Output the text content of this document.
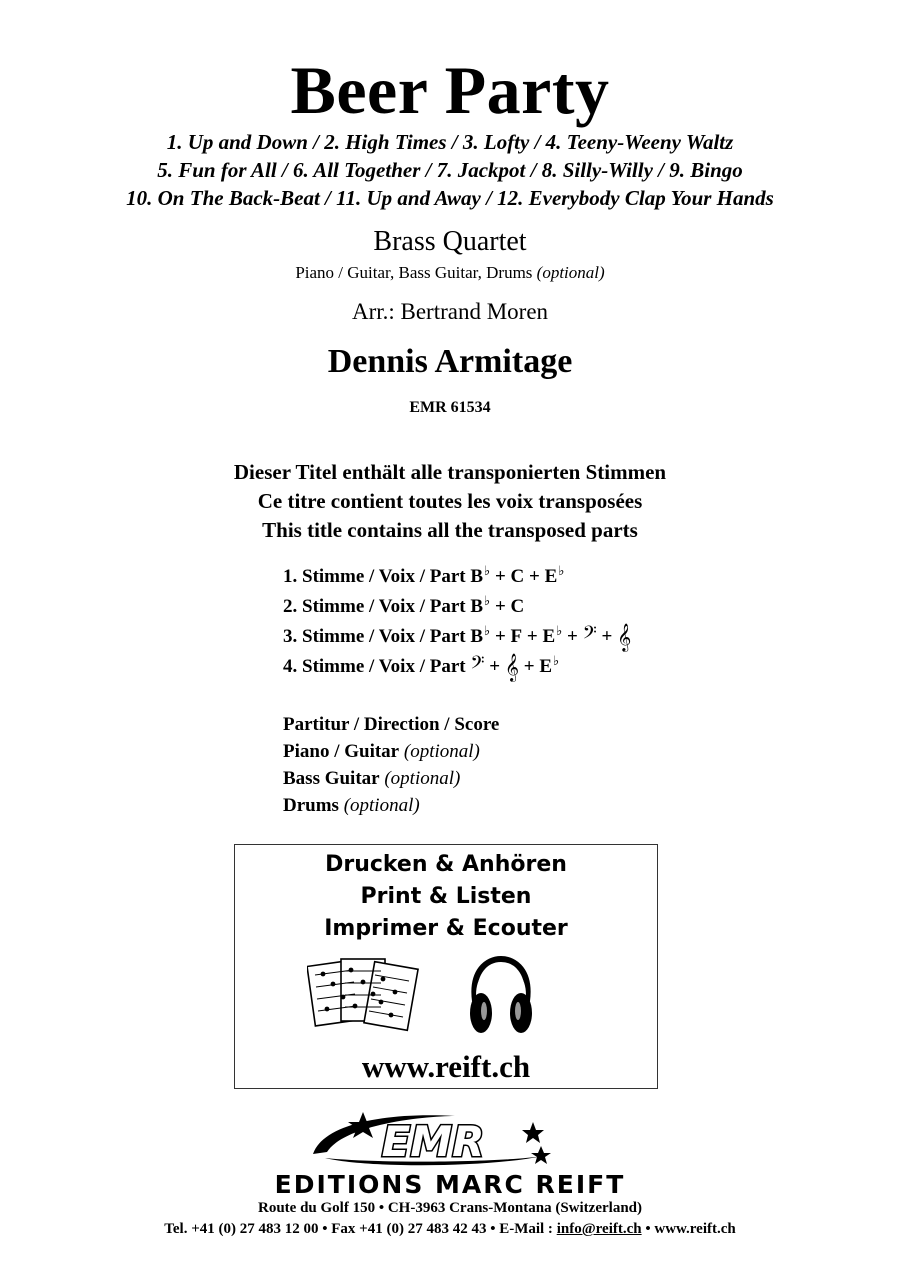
Beer Party
1. Up and Down / 2. High Times / 3. Lofty / 4. Teeny-Weeny Waltz
5. Fun for All / 6. All Together / 7. Jackpot / 8. Silly-Willy / 9. Bingo
10. On The Back-Beat / 11. Up and Away / 12. Everybody Clap Your Hands
Brass Quartet
Piano / Guitar, Bass Guitar, Drums (optional)
Arr.: Bertrand Moren
Dennis Armitage
EMR 61534
Dieser Titel enthält alle transponierten Stimmen
Ce titre contient toutes les voix transposées
This title contains all the transposed parts
1. Stimme / Voix / Part
B♭ + C + E♭
2. Stimme / Voix / Part
B♭ + C
3. Stimme / Voix / Part
B♭ + F + E♭ + 𝄢 + 𝄞
4. Stimme / Voix / Part
𝄢 + 𝄞 + E♭
Partitur / Direction / Score
Piano / Guitar (optional)
Bass Guitar (optional)
Drums (optional)
Drucken & Anhören
Print & Listen
Imprimer & Ecouter
www.reift.ch
EMR
EDITIONS MARC REIFT
Route du Golf 150 • CH-3963 Crans-Montana (Switzerland)
Tel. +41 (0) 27 483 12 00 • Fax +41 (0) 27 483 42 43 • E-Mail : info@reift.ch • www.reift.ch
